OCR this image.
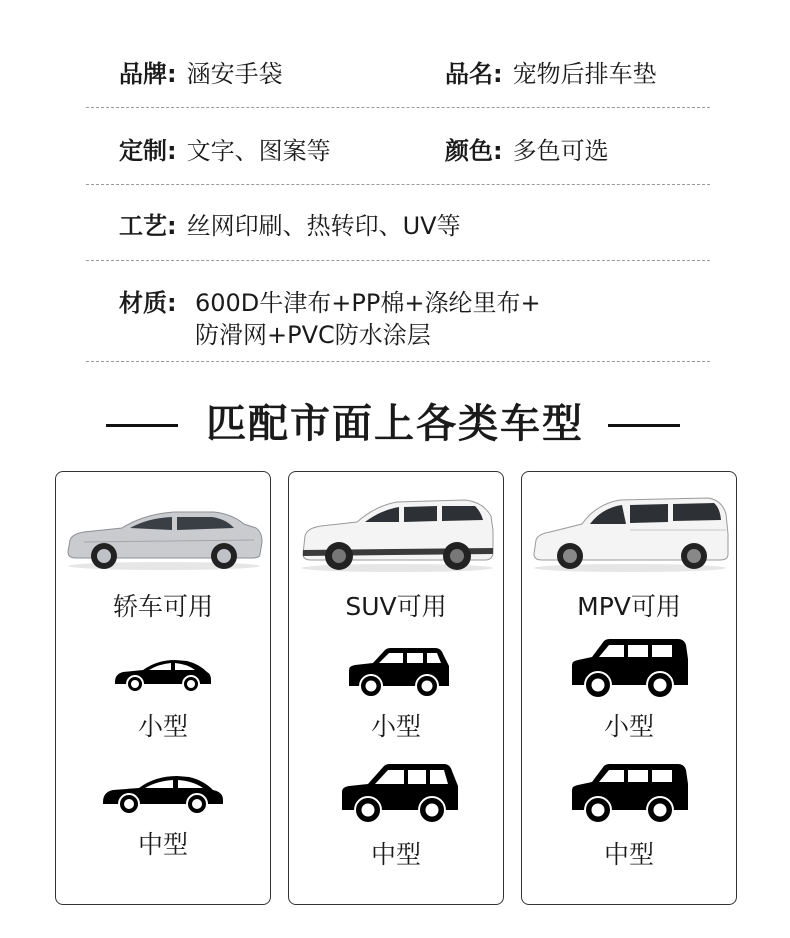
品牌: 涵安手袋	品名: 宠物后排车垫
定制: 文字、图案等	颜色: 多色可选
工艺: 丝网印刷、热转印、UV等
材质: 600D牛津布+PP棉+涤纶里布+
防滑网+PVC防水涂层
匹配市面上各类车型
轿车可用
小型
中型
SUV可用
小型
中型
MPV可用
小型
中型
